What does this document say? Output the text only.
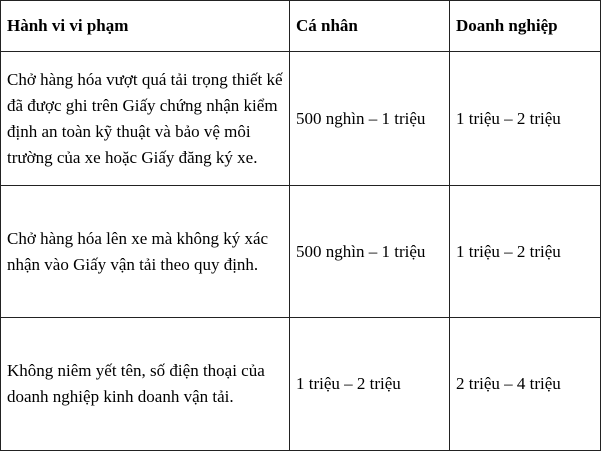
Hành vi vi phạm	Cá nhân	Doanh nghiệp
Chở hàng hóa vượt quá tải trọng thiết kế đã được ghi trên Giấy chứng nhận kiểm định an toàn kỹ thuật và bảo vệ môi trường của xe hoặc Giấy đăng ký xe.	500 nghìn – 1 triệu	1 triệu – 2 triệu
Chở hàng hóa lên xe mà không ký xác nhận vào Giấy vận tải theo quy định.	500 nghìn – 1 triệu	1 triệu – 2 triệu
Không niêm yết tên, số điện thoại của doanh nghiệp kinh doanh vận tải.	1 triệu – 2 triệu	2 triệu – 4 triệu
